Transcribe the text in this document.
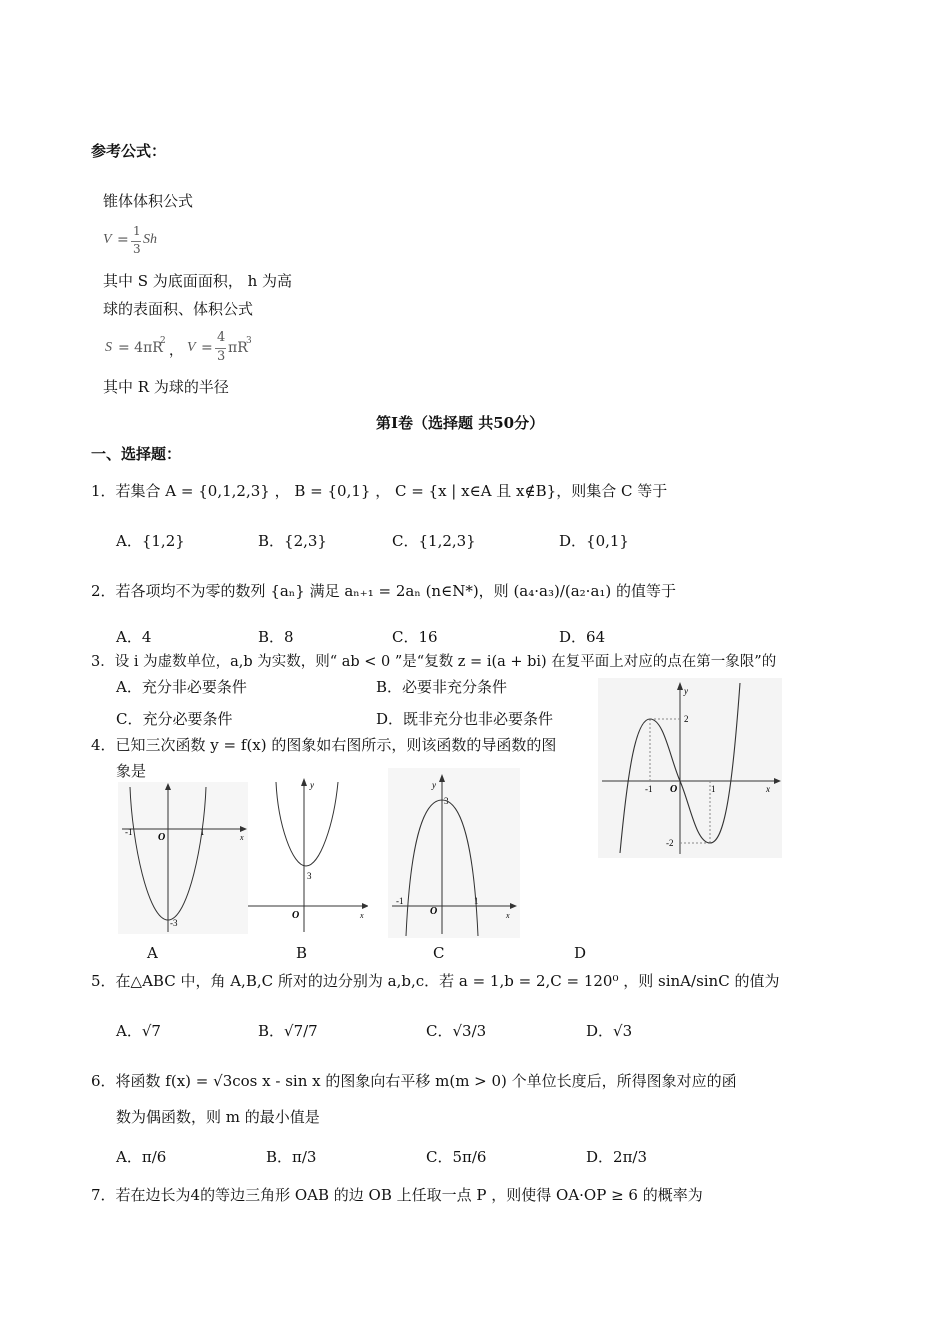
参考公式：
锥体体积公式
V =
1
3
Sh
其中 S 为底面面积， h 为高
球的表面积、体积公式
S = 4πR
2
， V =
4
3
πR
3
其中 R 为球的半径
第Ⅰ卷（选择题 共50分）
一、选择题：
1．若集合 A = {0,1,2,3} ， B = {0,1} ， C = {x | x∈A 且 x∉B}，则集合 C 等于
A．{1,2}	B．{2,3}	C．{1,2,3}	D．{0,1}
2．若各项均不为零的数列 {aₙ} 满足 aₙ₊₁ = 2aₙ (n∈N*)，则 (a₄·a₃)/(a₂·a₁) 的值等于
A．4	B．8	C．16	D．64
3．设 i 为虚数单位，a,b 为实数，则“ ab < 0 ”是“复数 z = i(a + bi) 在复平面上对应的点在第一象限”的
A．充分非必要条件	B．必要非充分条件
C．充分必要条件	D．既非充分也非必要条件
4．已知三次函数 y = f(x) 的图象如右图所示，则该函数的导函数的图
象是
y
x
O
-1	1
2
-2
x
O
-1	1
-3
y
x
O
3
y
x
O
-1	1
3
A	B	C	D
5．在△ABC 中，角 A,B,C 所对的边分别为 a,b,c．若 a = 1,b = 2,C = 120⁰ ，则 sinA/sinC 的值为
A．√7	B．√7/7	C．√3/3	D．√3
6．将函数 f(x) = √3cos x - sin x 的图象向右平移 m(m > 0) 个单位长度后，所得图象对应的函
数为偶函数，则 m 的最小值是
A．π/6	B．π/3	C．5π/6	D．2π/3
7．若在边长为4的等边三角形 OAB 的边 OB 上任取一点 P ，则使得 OA·OP ≥ 6 的概率为
